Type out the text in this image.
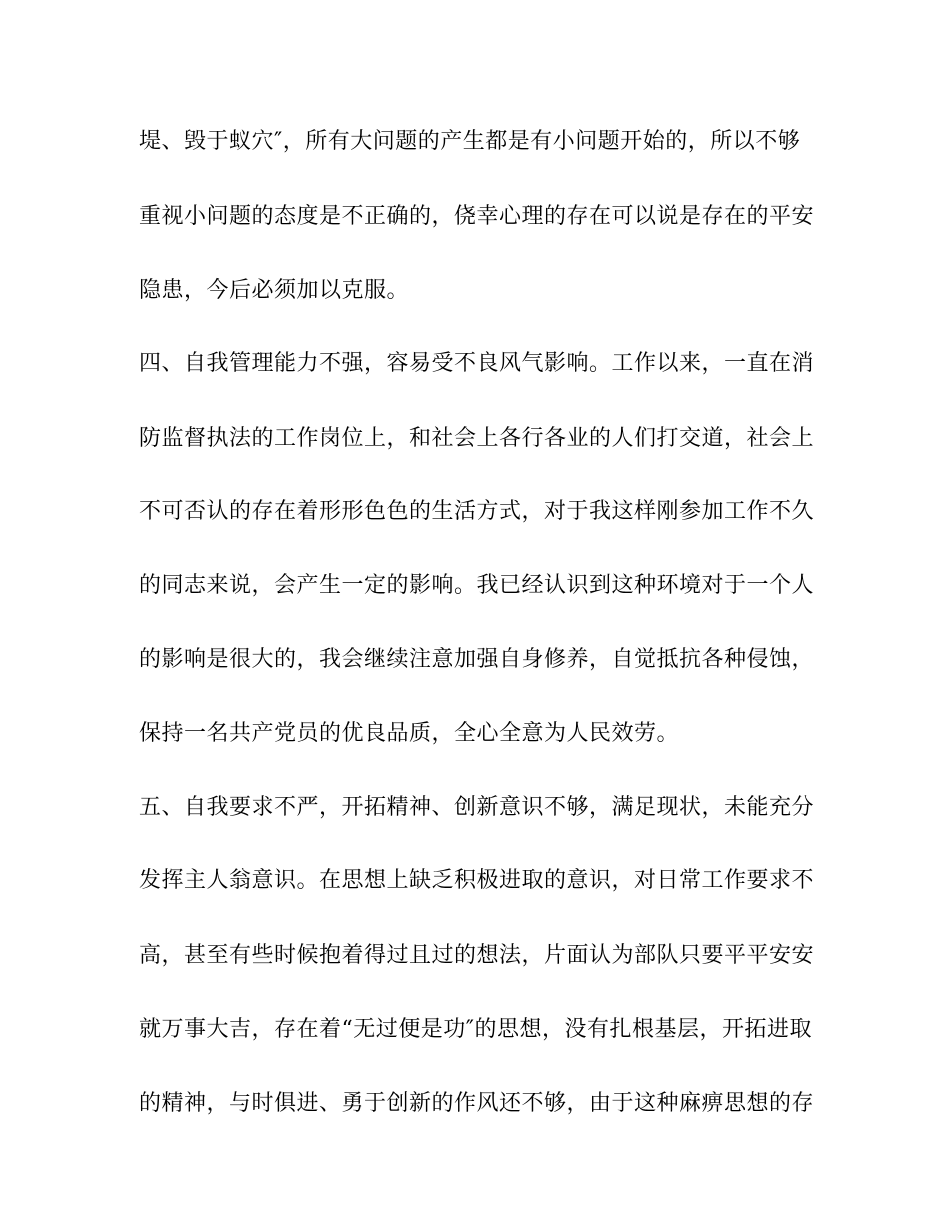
堤、毁于蚁穴″，所有大问题的产生都是有小问题开始的，所以不够

重视小问题的态度是不正确的，侥幸心理的存在可以说是存在的平安

隐患，今后必须加以克服。

四、自我管理能力不强，容易受不良风气影响。工作以来，一直在消

防监督执法的工作岗位上，和社会上各行各业的人们打交道，社会上

不可否认的存在着形形色色的生活方式，对于我这样刚参加工作不久

的同志来说，会产生一定的影响。我已经认识到这种环境对于一个人

的影响是很大的，我会继续注意加强自身修养，自觉抵抗各种侵蚀，

保持一名共产党员的优良品质，全心全意为人民效劳。

五、自我要求不严，开拓精神、创新意识不够，满足现状，未能充分

发挥主人翁意识。在思想上缺乏积极进取的意识，对日常工作要求不

高，甚至有些时候抱着得过且过的想法，片面认为部队只要平平安安

就万事大吉，存在着“无过便是功″的思想，没有扎根基层，开拓进取

的精神，与时俱进、勇于创新的作风还不够，由于这种麻痹思想的存
